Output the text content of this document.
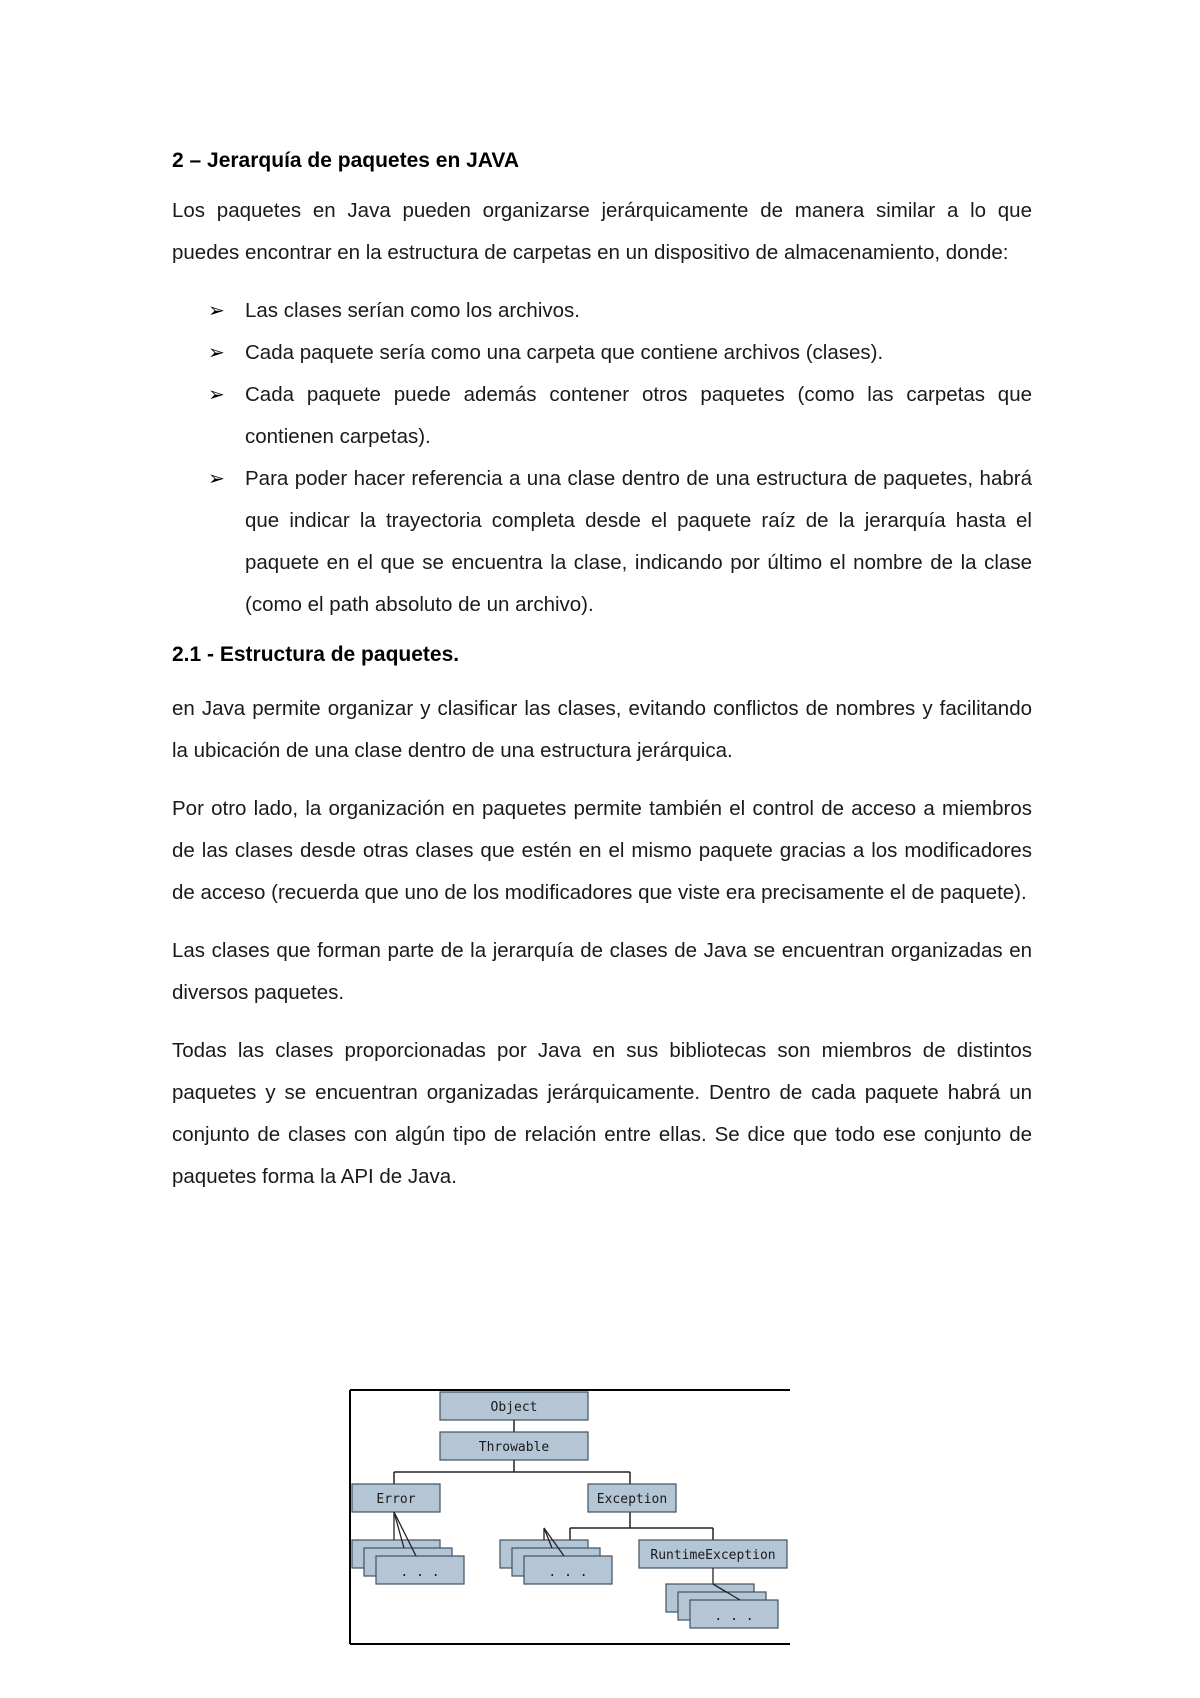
2 – Jerarquía de paquetes en JAVA

Los paquetes en Java pueden organizarse jerárquicamente de manera similar a lo que puedes encontrar en la estructura de carpetas en un dispositivo de almacenamiento, donde:

➢ Las clases serían como los archivos.
➢ Cada paquete sería como una carpeta que contiene archivos (clases).
➢ Cada paquete puede además contener otros paquetes (como las carpetas que contienen carpetas).
➢ Para poder hacer referencia a una clase dentro de una estructura de paquetes, habrá que indicar la trayectoria completa desde el paquete raíz de la jerarquía hasta el paquete en el que se encuentra la clase, indicando por último el nombre de la clase (como el path absoluto de un archivo).
2.1 - Estructura de paquetes.

en Java permite organizar y clasificar las clases, evitando conflictos de nombres y facilitando la ubicación de una clase dentro de una estructura jerárquica.

Por otro lado, la organización en paquetes permite también el control de acceso a miembros de las clases desde otras clases que estén en el mismo paquete gracias a los modificadores de acceso (recuerda que uno de los modificadores que viste era precisamente el de paquete).

Las clases que forman parte de la jerarquía de clases de Java se encuentran organizadas en diversos paquetes.

Todas las clases proporcionadas por Java en sus bibliotecas son miembros de distintos paquetes y se encuentran organizadas jerárquicamente. Dentro de cada paquete habrá un conjunto de clases con algún tipo de relación entre ellas. Se dice que todo ese conjunto de paquetes forma la API de Java.

Object
Throwable
Error	Exception
. . .	. . .
RuntimeException
. . .
